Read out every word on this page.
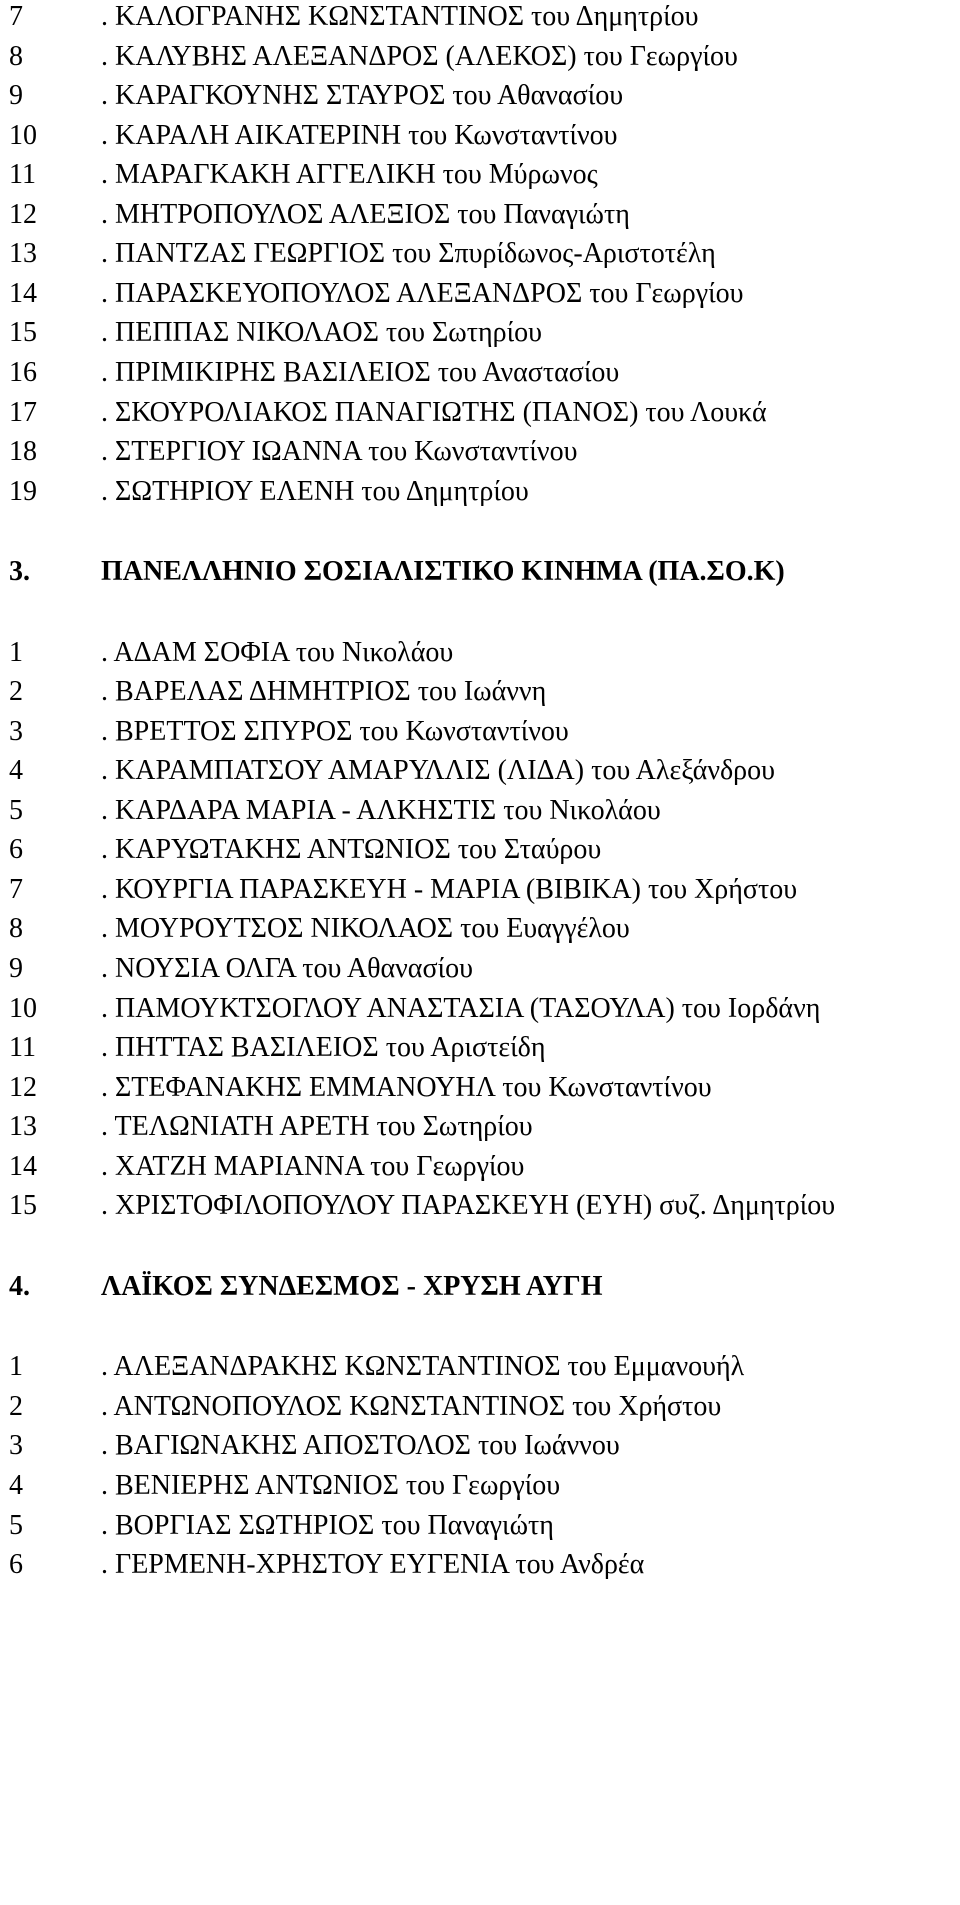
7	. ΚΑΛΟΓΡΑΝΗΣ ΚΩΝΣΤΑΝΤΙΝΟΣ του Δημητρίου
8	. ΚΑΛΥΒΗΣ ΑΛΕΞΑΝΔΡΟΣ (ΑΛΕΚΟΣ) του Γεωργίου
9	. ΚΑΡΑΓΚΟΥΝΗΣ ΣΤΑΥΡΟΣ του Αθανασίου
10 . ΚΑΡΑΛΗ ΑΙΚΑΤΕΡΙΝΗ του Κωνσταντίνου
11 . ΜΑΡΑΓΚΑΚΗ ΑΓΓΕΛΙΚΗ του Μύρωνος
12 . ΜΗΤΡΟΠΟΥΛΟΣ ΑΛΕΞΙΟΣ του Παναγιώτη
13 . ΠΑΝΤΖΑΣ ΓΕΩΡΓΙΟΣ του Σπυρίδωνος-Αριστοτέλη
14 . ΠΑΡΑΣΚΕΥΟΠΟΥΛΟΣ ΑΛΕΞΑΝΔΡΟΣ του Γεωργίου
15 . ΠΕΠΠΑΣ ΝΙΚΟΛΑΟΣ του Σωτηρίου
16 . ΠΡΙΜΙΚΙΡΗΣ ΒΑΣΙΛΕΙΟΣ του Αναστασίου
17 . ΣΚΟΥΡΟΛΙΑΚΟΣ ΠΑΝΑΓΙΩΤΗΣ (ΠΑΝΟΣ) του Λουκά
18 . ΣΤΕΡΓΙΟΥ ΙΩΑΝΝΑ του Κωνσταντίνου
19 . ΣΩΤΗΡΙΟΥ ΕΛΕΝΗ του Δημητρίου
3.	ΠΑΝΕΛΛΗΝΙΟ ΣΟΣΙΑΛΙΣΤΙΚΟ ΚΙΝΗΜΑ (ΠΑ.ΣΟ.Κ)
1	. ΑΔΑΜ ΣΟΦΙΑ του Νικολάου
2	. ΒΑΡΕΛΑΣ ΔΗΜΗΤΡΙΟΣ του Ιωάννη
3	. ΒΡΕΤΤΟΣ ΣΠΥΡΟΣ του Κωνσταντίνου
4	. ΚΑΡΑΜΠΑΤΣΟΥ ΑΜΑΡΥΛΛΙΣ (ΛΙΔΑ) του Αλεξάνδρου
5	. ΚΑΡΔΑΡΑ ΜΑΡΙΑ - ΑΛΚΗΣΤΙΣ του Νικολάου
6	. ΚΑΡΥΩΤΑΚΗΣ ΑΝΤΩΝΙΟΣ του Σταύρου
7	. ΚΟΥΡΓΙΑ ΠΑΡΑΣΚΕΥΗ - ΜΑΡΙΑ (ΒΙΒΙΚΑ) του Χρήστου
8	. ΜΟΥΡΟΥΤΣΟΣ ΝΙΚΟΛΑΟΣ του Ευαγγέλου
9	. ΝΟΥΣΙΑ ΟΛΓΑ του Αθανασίου
10 . ΠΑΜΟΥΚΤΣΟΓΛΟΥ ΑΝΑΣΤΑΣΙΑ (ΤΑΣΟΥΛΑ) του Ιορδάνη
11 . ΠΗΤΤΑΣ ΒΑΣΙΛΕΙΟΣ του Αριστείδη
12 . ΣΤΕΦΑΝΑΚΗΣ ΕΜΜΑΝΟΥΗΛ του Κωνσταντίνου
13 . ΤΕΛΩΝΙΑΤΗ ΑΡΕΤΗ του Σωτηρίου
14 . ΧΑΤΖΗ ΜΑΡΙΑΝΝΑ του Γεωργίου
15 . ΧΡΙΣΤΟΦΙΛΟΠΟΥΛΟΥ ΠΑΡΑΣΚΕΥΗ (ΕΥΗ) συζ. Δημητρίου
4.	ΛΑΪΚΟΣ ΣΥΝΔΕΣΜΟΣ - ΧΡΥΣΗ ΑΥΓΗ
1	. ΑΛΕΞΑΝΔΡΑΚΗΣ ΚΩΝΣΤΑΝΤΙΝΟΣ του Εμμανουήλ
2	. ΑΝΤΩΝΟΠΟΥΛΟΣ ΚΩΝΣΤΑΝΤΙΝΟΣ του Χρήστου
3	. ΒΑΓΙΩΝΑΚΗΣ ΑΠΟΣΤΟΛΟΣ του Ιωάννου
4	. ΒΕΝΙΕΡΗΣ ΑΝΤΩΝΙΟΣ του Γεωργίου
5	. ΒΟΡΓΙΑΣ ΣΩΤΗΡΙΟΣ του Παναγιώτη
6	. ΓΕΡΜΕΝΗ-ΧΡΗΣΤΟΥ ΕΥΓΕΝΙΑ του Ανδρέα
